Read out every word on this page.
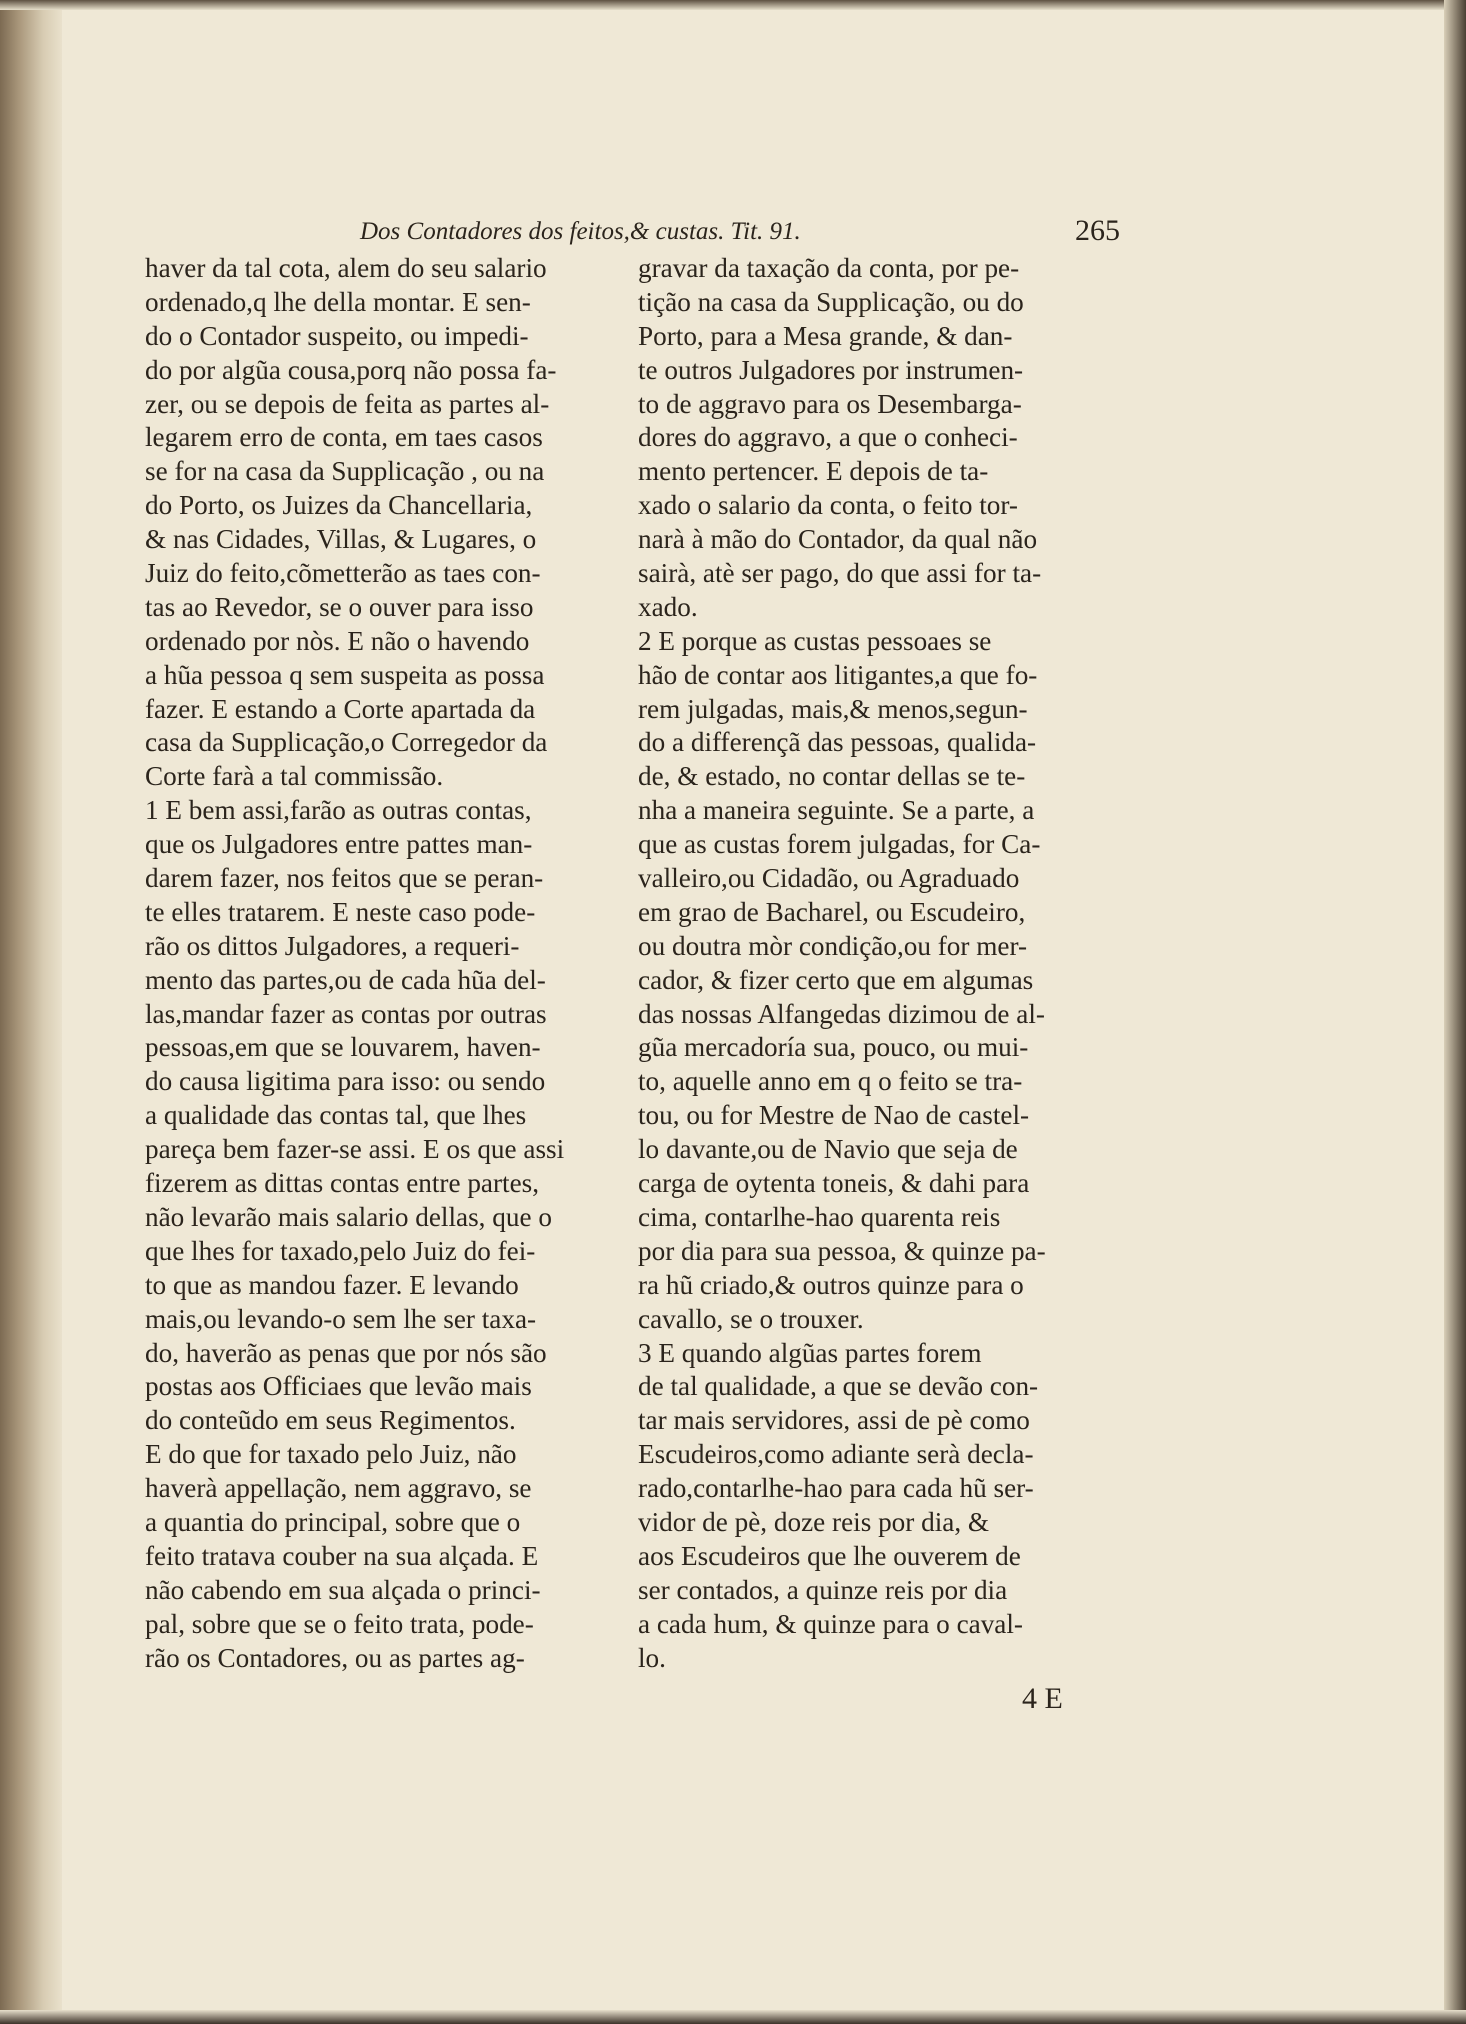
Dos Contadores dos feitos,& custas. Tit. 91.	265
haver da tal cota, alem do seu salario
ordenado,q lhe della montar. E sen-
do o Contador suspeito, ou impedi-
do por algũa cousa,porq não possa fa-
zer, ou se depois de feita as partes al-
legarem erro de conta, em taes casos
se for na casa da Supplicação , ou na
do Porto, os Juizes da Chancellaria,
& nas Cidades, Villas, & Lugares, o
Juiz do feito,cõmetterão as taes con-
tas ao Revedor, se o ouver para isso
ordenado por nòs. E não o havendo
a hũa pessoa q sem suspeita as possa
fazer. E estando a Corte apartada da
casa da Supplicação,o Corregedor da
Corte farà a tal commissão.
1 E bem assi,farão as outras contas,
que os Julgadores entre pattes man-
darem fazer, nos feitos que se peran-
te elles tratarem. E neste caso pode-
rão os dittos Julgadores, a requeri-
mento das partes,ou de cada hũa del-
las,mandar fazer as contas por outras
pessoas,em que se louvarem, haven-
do causa ligitima para isso: ou sendo
a qualidade das contas tal, que lhes
pareça bem fazer-se assi. E os que assi
fizerem as dittas contas entre partes,
não levarão mais salario dellas, que o
que lhes for taxado,pelo Juiz do fei-
to que as mandou fazer. E levando
mais,ou levando-o sem lhe ser taxa-
do, haverão as penas que por nós são
postas aos Officiaes que levão mais
do conteũdo em seus Regimentos.
E do que for taxado pelo Juiz, não
haverà appellação, nem aggravo, se
a quantia do principal, sobre que o
feito tratava couber na sua alçada. E
não cabendo em sua alçada o princi-
pal, sobre que se o feito trata, pode-
rão os Contadores, ou as partes ag-
gravar da taxação da conta, por pe-
tição na casa da Supplicação, ou do
Porto, para a Mesa grande, & dan-
te outros Julgadores por instrumen-
to de aggravo para os Desembarga-
dores do aggravo, a que o conheci-
mento pertencer. E depois de ta-
xado o salario da conta, o feito tor-
narà à mão do Contador, da qual não
sairà, atè ser pago, do que assi for ta-
xado.
2 E porque as custas pessoaes se
hão de contar aos litigantes,a que fo-
rem julgadas, mais,& menos,segun-
do a differençã das pessoas, qualida-
de, & estado, no contar dellas se te-
nha a maneira seguinte. Se a parte, a
que as custas forem julgadas, for Ca-
valleiro,ou Cidadão, ou Agraduado
em grao de Bacharel, ou Escudeiro,
ou doutra mòr condição,ou for mer-
cador, & fizer certo que em algumas
das nossas Alfangedas dizimou de al-
gũa mercadoría sua, pouco, ou mui-
to, aquelle anno em q o feito se tra-
tou, ou for Mestre de Nao de castel-
lo davante,ou de Navio que seja de
carga de oytenta toneis, & dahi para
cima, contarlhe-hao quarenta reis
por dia para sua pessoa, & quinze pa-
ra hũ criado,& outros quinze para o
cavallo, se o trouxer.
3 E quando algũas partes forem
de tal qualidade, a que se devão con-
tar mais servidores, assi de pè como
Escudeiros,como adiante serà decla-
rado,contarlhe-hao para cada hũ ser-
vidor de pè, doze reis por dia, &
aos Escudeiros que lhe ouverem de
ser contados, a quinze reis por dia
a cada hum, & quinze para o caval-
lo.
4 E
